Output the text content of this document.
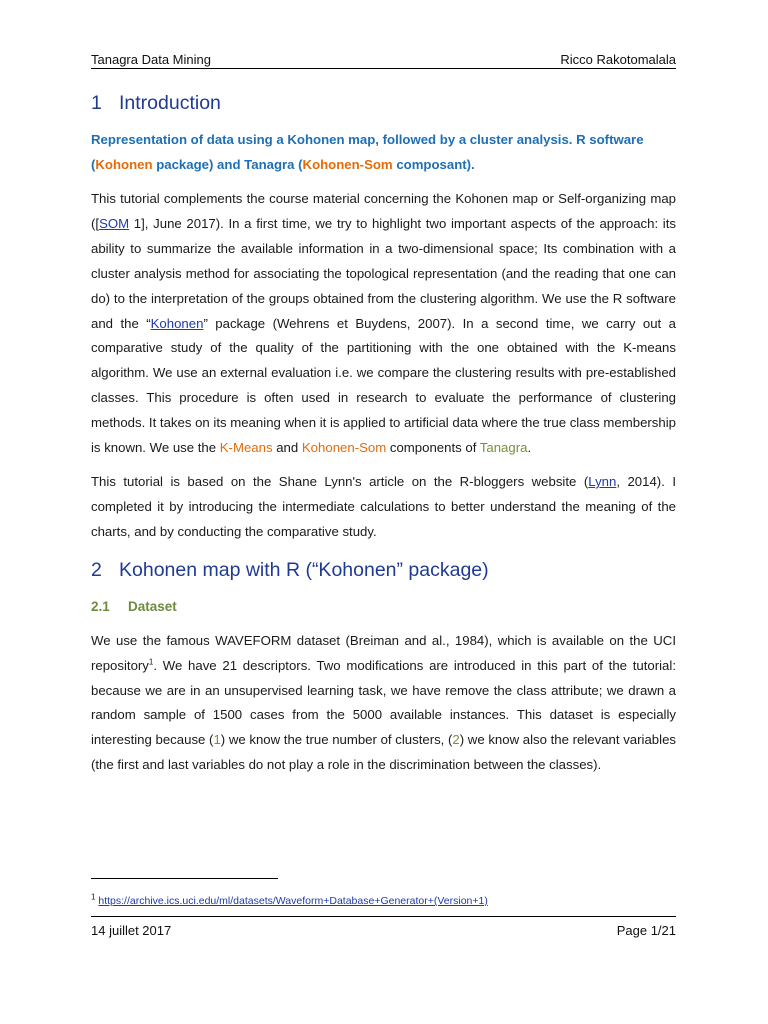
Tanagra Data Mining	Ricco Rakotomalala
1 Introduction

Representation of data using a Kohonen map, followed by a cluster analysis. R software (Kohonen package) and Tanagra (Kohonen-Som composant).

This tutorial complements the course material concerning the Kohonen map or Self-organizing map ([SOM 1], June 2017). In a first time, we try to highlight two important aspects of the approach: its ability to summarize the available information in a two-dimensional space; Its combination with a cluster analysis method for associating the topological representation (and the reading that one can do) to the interpretation of the groups obtained from the clustering algorithm. We use the R software and the “Kohonen” package (Wehrens et Buydens, 2007). In a second time, we carry out a comparative study of the quality of the partitioning with the one obtained with the K-means algorithm. We use an external evaluation i.e. we compare the clustering results with pre-established classes. This procedure is often used in research to evaluate the performance of clustering methods. It takes on its meaning when it is applied to artificial data where the true class membership is known. We use the K-Means and Kohonen-Som components of Tanagra.

This tutorial is based on the Shane Lynn's article on the R-bloggers website (Lynn, 2014). I completed it by introducing the intermediate calculations to better understand the meaning of the charts, and by conducting the comparative study.

2 Kohonen map with R (“Kohonen” package)
2.1 Dataset

We use the famous WAVEFORM dataset (Breiman and al., 1984), which is available on the UCI repository$^1$. We have 21 descriptors. Two modifications are introduced in this part of the tutorial: because we are in an unsupervised learning task, we have remove the class attribute; we drawn a random sample of 1500 cases from the 5000 available instances. This dataset is especially interesting because (1) we know the true number of clusters, (2) we know also the relevant variables (the first and last variables do not play a role in the discrimination between the classes).

$^1$ https://archive.ics.uci.edu/ml/datasets/Waveform+Database+Generator+(Version+1)
14 juillet 2017	Page 1/21
